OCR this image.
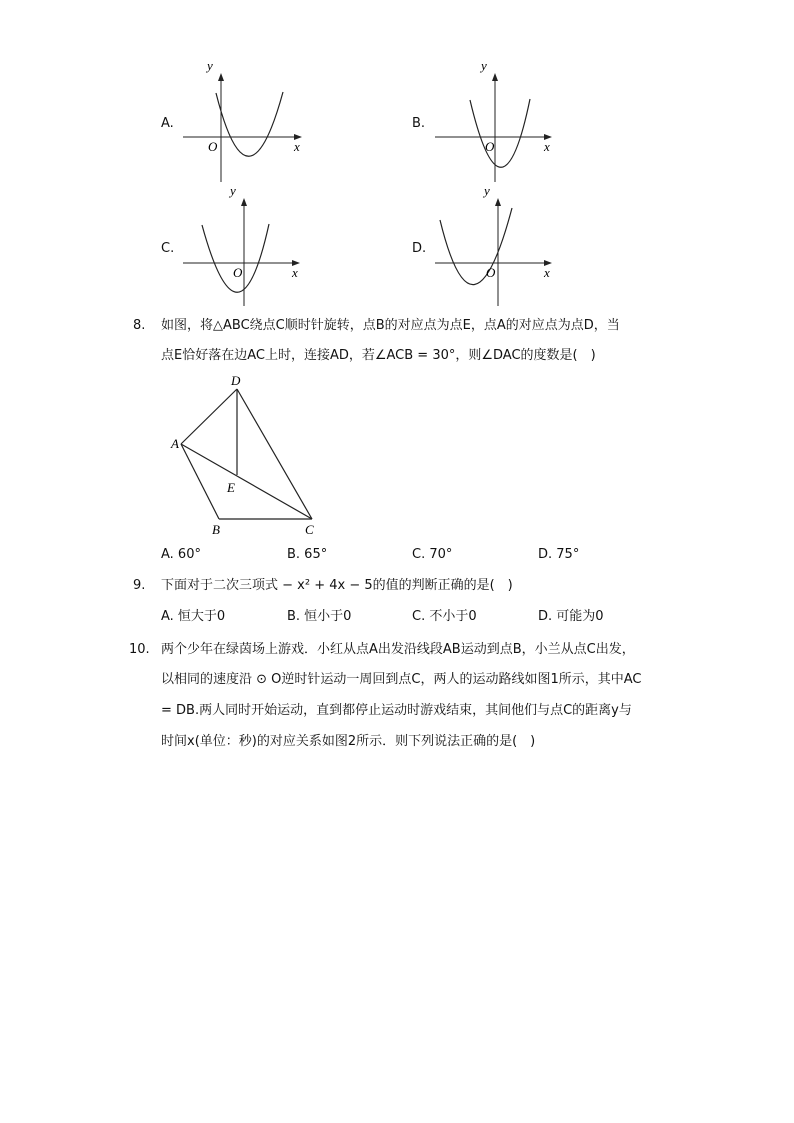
A.
y
O	x
B.
y
O	x
C.
y
O	x
D.
y
O	x
8. 如图，将△ABC绕点C顺时针旋转，点B的对应点为点E，点A的对应点为点D，当
点E恰好落在边AC上时，连接AD，若∠ACB = 30°，则∠DAC的度数是(　)
D
A
E
B	C
A. 60°	B. 65°	C. 70°	D. 75°
9. 下面对于二次三项式 − x² + 4x − 5的值的判断正确的是(　)
A. 恒大于0	B. 恒小于0	C. 不小于0	D. 可能为0
10. 两个少年在绿茵场上游戏．小红从点A出发沿线段AB运动到点B，小兰从点C出发，
以相同的速度沿 ⊙ O逆时针运动一周回到点C，两人的运动路线如图1所示，其中AC
= DB.两人同时开始运动，直到都停止运动时游戏结束，其间他们与点C的距离y与
时间x(单位：秒)的对应关系如图2所示．则下列说法正确的是(　)
